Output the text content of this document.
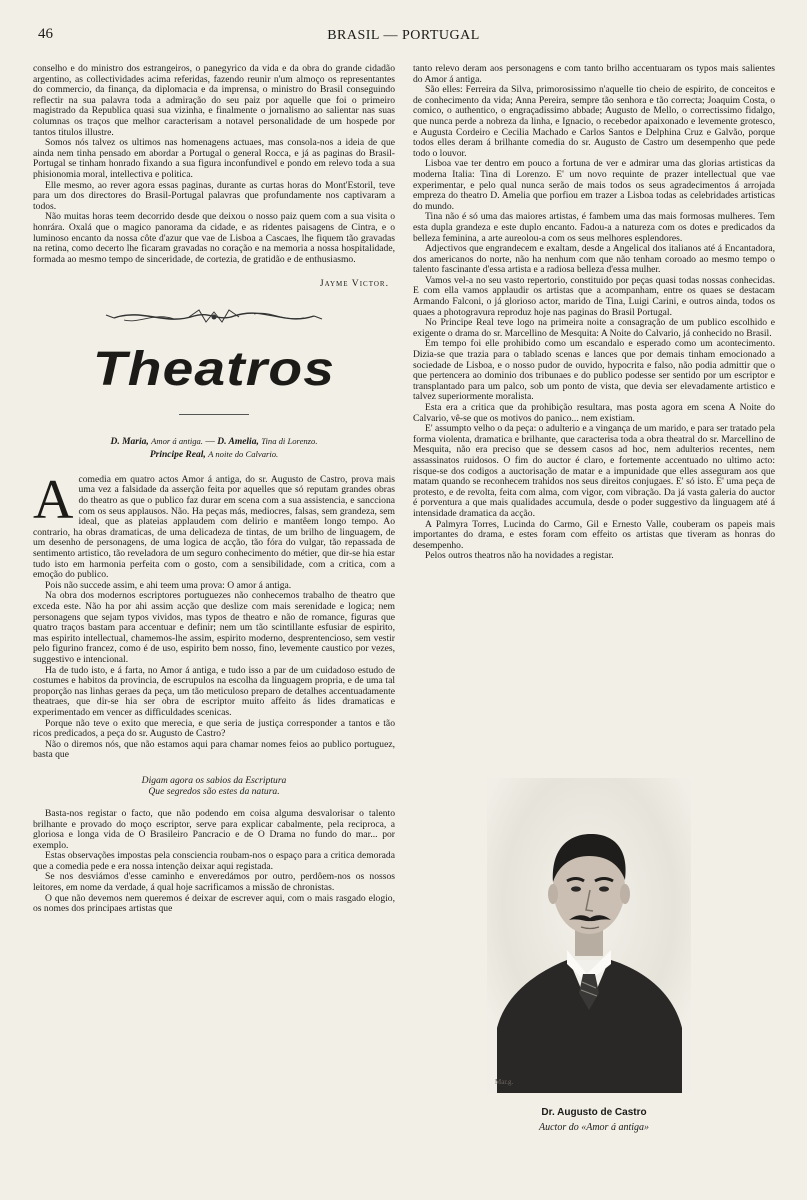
46	BRASIL — PORTUGAL

conselho e do ministro dos estrangeiros, o panegyrico da vida e da obra do grande cidadão argentino, as collectividades acima referidas, fazendo reunir n'um almoço os representantes do commercio, da finança, da diplomacia e da imprensa, o ministro do Brasil conseguindo reflectir na sua palavra toda a admiração do seu paiz por aquelle que foi o primeiro magistrado da Republica quasi sua vizinha, e finalmente o jornalismo ao salientar nas suas columnas os traços que melhor caracterisam a notavel personalidade de um hospede por tantos titulos illustre.

Somos nós talvez os ultimos nas homenagens actuaes, mas consola-nos a ideia de que ainda nem tinha pensado em abordar a Portugal o general Rocca, e já as paginas do Brasil-Portugal se tinham honrado fixando a sua figura inconfundivel e pondo em relevo toda a sua phisionomia moral, intellectiva e politica.

Elle mesmo, ao rever agora essas paginas, durante as curtas horas do Mont'Estoril, teve para um dos directores do Brasil-Portugal palavras que profundamente nos captivaram a todos.

Não muitas horas teem decorrido desde que deixou o nosso paiz quem com a sua visita o honrára. Oxalá que o magico panorama da cidade, e as ridentes paisagens de Cintra, e o luminoso encanto da nossa côte d'azur que vae de Lisboa a Cascaes, lhe fiquem tão gravadas na retina, como decerto lhe ficaram gravadas no coração e na memoria a nossa hospitalidade, formada ao mesmo tempo de sinceridade, de cortezia, de gratidão e de enthusiasmo.

Jayme Victor.
Theatros
D. Maria, Amor á antiga. — D. Amelia, Tina di Lorenzo.
Principe Real, A noite do Calvario.
A comedia em quatro actos Amor á antiga, do sr. Augusto de Castro, prova mais uma vez a falsidade da asserção feita por aquelles que só reputam grandes obras do theatro as que o publico faz durar em scena com a sua assistencia, e sanccionа com os seus applausos. Não. Ha peças más, mediocres, falsas, sem grandeza, sem ideal, que as plateias applaudem com delirio e mantêem longo tempo. Ao contrario, ha obras dramaticas, de uma delicadeza de tintas, de um brilho de linguagem, de um desenho de personagens, de uma logica de acção, tão fóra do vulgar, tão repassada de sentimento artistico, tão reveladora de um seguro conhecimento do métier, que dir-se hia estar tudo isto em harmonia perfeita com o gosto, com a sensibilidade, com a critica, com a emoção do publico.

Pois não succede assim, e ahi teem uma prova: O amor á antiga.

Na obra dos modernos escriptores portuguezes não conhecemos trabalho de theatro que exceda este. Não ha por ahi assim acção que deslize com mais serenidade e logica; nem personagens que sejam typos vividos, mas typos de theatro e não de romance, figuras que quatro traços bastam para accentuar e definir; nem um tão scintillante esfusiar de espirito, mas espirito intellectual, chamemos-lhe assim, espirito moderno, desprentencioso, sem vestir pelo figurino francez, como é de uso, espirito bem nosso, fino, levemente caustico por vezes, suggestivo e intencional.

Ha de tudo isto, e á farta, no Amor á antiga, e tudo isso a par de um cuidadoso estudo de costumes e habitos da provincia, de escrupulos na escolha da linguagem propria, e de uma tal proporção nas linhas geraes da peça, um tão meticuloso preparo de detalhes accentuadamente theatraes, que dir-se hia ser obra de escriptor muito affeito ás lides dramaticas e experimentado em vencer as difficuldades scenicas.

Porque não teve o exito que merecia, e que seria de justiça corresponder a tantos e tão ricos predicados, a peça do sr. Augusto de Castro?

Não o diremos nós, que não estamos aqui para chamar nomes feios ao publico portuguez, basta que

Digam agora os sabios da Escriptura
Que segredos são estes da natura.

Basta-nos registar o facto, que não podendo em coisa alguma desvalorisar o talento brilhante e provado do moço escriptor, serve para explicar cabalmente, pela reciproca, a gloriosa e longa vida de O Brasileiro Pancracio e de O Drama no fundo do mar... por exemplo.

Estas observações impostas pela consciencia roubam-nos o espaço para a critica demorada que a comedia pede e era nossa intenção deixar aqui registada.

Se nos desviámos d'esse caminho e enveredámos por outro, perdôem-nos os nossos leitores, em nome da verdade, á qual hoje sacrificamos a missão de chronistas.

O que não devemos nem queremos é deixar de escrever aqui, com o mais rasgado elogio, os nomes dos principaes artistas que

tanto relevo deram aos personagens e com tanto brilho accentuaram os typos mais salientes do Amor á antiga.

São elles: Ferreira da Silva, primorosissimo n'aquelle tio cheio de espirito, de conceitos e de conhecimento da vida; Anna Pereira, sempre tão senhora e tão correcta; Joaquim Costa, o comico, o authentico, o engraçadissimo abbade; Augusto de Mello, o correctissimo fidalgo, que nunca perde a nobreza da linha, e Ignacio, o recebedor apaixonado e levemente grotesco, e Augusta Cordeiro e Cecilia Machado e Carlos Santos e Delphina Cruz e Galvão, porque todos elles deram á brilhante comedia do sr. Augusto de Castro um desempenho que pede todo o louvor.

Lisboa vae ter dentro em pouco a fortuna de ver e admirar uma das glorias artisticas da moderna Italia: Tina di Lorenzo. E' um novo requinte de prazer intellectual que vae experimentar, e pelo qual nunca serão de mais todos os seus agradecimentos á arrojada emprezа do theatro D. Amelia que porfiou em trazer a Lisboa todas as celebridades artisticas do mundo.

Tina não é só uma das maiores artistas, é fambem uma das mais formosas mulheres. Tem esta dupla grandeza e este duplo encanto. Fadou-a a natureza com os dotes e predicados da belleza feminina, a arte aureolou-a com os seus melhores esplendores.

Adjectivos que engrandecem e exaltam, desde a Angelical dos italianos até á Encantadora, dos americanos do norte, não ha nenhum com que não tenham coroado ao mesmo tempo o talento fascinante d'essa artista e a radiosa belleza d'essa mulher.

Vamos vel-a no seu vasto repertorio, constituido por peças quasi todas nossas conhecidas. E com ella vamos applaudir os artistas que a acompanham, entre os quaes se destacam Armando Falconi, o já glorioso actor, marido de Tina, Luigi Carini, e outros ainda, todos os quaes a photogravura reproduz hoje nas paginas do Brasil Portugal.

No Principe Real teve logo na primeira noite a consagração de um publico escolhido e exigente o drama do sr. Marcellino de Mesquita: A Noite do Calvario, já conhecido no Brasil.

Em tempo foi elle prohibido como um escandalo e esperado como um acontecimento. Dizia-se que trazia para o tablado scenas e lances que por demais tinham emocionado a sociedade de Lisboa, e o nosso pudor de ouvido, hypocrita e falso, não podia admittir que o que pertencera ao dominio dos tribunaes e do publico podesse ser sentido por um escriptor e transplantado para um palco, sob um ponto de vista, que devia ser elevadamente artistico e talvez superiormente moralista.

Esta era a critica que da prohibição resultara, mas posta agora em scena A Noite do Calvario, vê-se que os motivos do panico... nem existiam.

E' assumpto velho o da peça: o adulterio e a vingança de um marido, e para ser tratado pela forma violenta, dramatica e brilhante, que caracterisa toda a obra theatral do sr. Marcellino de Mesquita, não era preciso que se dessem casos ad hoc, nem adulterios recentes, nem assassinatos ruidosos. O fim do auctor é claro, e fortemente accentuado no ultimo acto: risque-se dos codigos a auctorisação de matar e a impunidade que elles asseguram aos que matam quando se reconhecem trahidos nos seus direitos conjugaes. E' só isto. E' uma peça de protesto, e de revolta, feita com alma, com vigor, com vibração. Da já vasta galeria do auctor é porventura a que mais qualidades accumula, desde o poder suggestivo da linguagem até á intensidade dramatica da acção.

A Palmyra Torres, Lucinda do Carmo, Gil e Ernesto Valle, couberam os papeis mais importantes do drama, e estes foram com effeito os artistas que tiveram as honras do desempenho.

Pelos outros theatros não ha novidades a registar.

Mar.g.
Dr. Augusto de Castro
Auctor do «Amor á antiga»
